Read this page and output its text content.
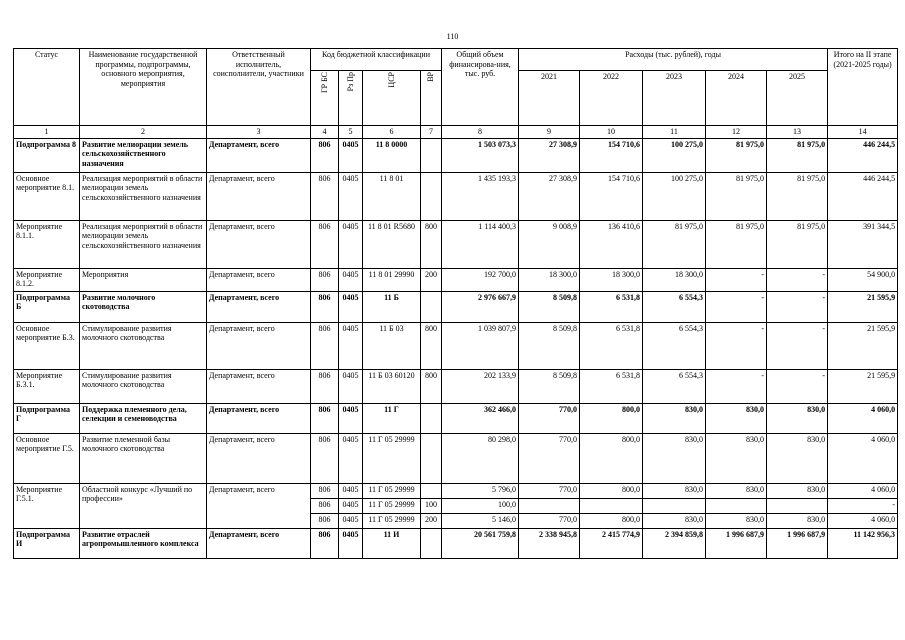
110
Статус	Наименование государственной программы, подпрограммы, основного мероприятия, мероприятия	Ответственный исполнитель, соисполнители, участники	Код бюджетной классификации				Общий объем финансирова-ния, тыс. руб.	Расходы (тыс. рублей), годы					Итого на II этапе (2021-2025 годы)
			ГР БС	Рз Пр	ЦСР	ВР		2021	2022	2023	2024	2025	
1	2	3	4	5	6	7	8	9	10	11	12	13	14
Подпрограмма 8	Развитие мелиорации земель сельскохозяйственного назначения	Департамент, всего	806	0405	11 8 0000		1 503 073,3	27 308,9	154 710,6	100 275,0	81 975,0	81 975,0	446 244,5
Основное мероприятие 8.1.	Реализация мероприятий в области мелиорации земель сельскохозяйственного назначения	Департамент, всего	806	0405	11 8 01		1 435 193,3	27 308,9	154 710,6	100 275,0	81 975,0	81 975,0	446 244,5
Мероприятие 8.1.1.	Реализация мероприятий в области мелиорации земель сельскохозяйственного назначения	Департамент, всего	806	0405	11 8 01 R5680	800	1 114 400,3	9 008,9	136 410,6	81 975,0	81 975,0	81 975,0	391 344,5
Мероприятие 8.1.2.	Мероприятия	Департамент, всего	806	0405	11 8 01 29990	200	192 700,0	18 300,0	18 300,0	18 300,0	-	-	54 900,0
Подпрограмма Б	Развитие молочного скотоводства	Департамент, всего	806	0405	11 Б		2 976 667,9	8 509,8	6 531,8	6 554,3	-	-	21 595,9
Основное мероприятие Б.3.	Стимулирование развития молочного скотоводства	Департамент, всего	806	0405	11 Б 03	800	1 039 807,9	8 509,8	6 531,8	6 554,3	-	-	21 595,9
Мероприятие Б.3.1.	Стимулирование развития молочного скотоводства	Департамент, всего	806	0405	11 Б 03 60120	800	202 133,9	8 509,8	6 531,8	6 554,3	-	-	21 595,9
Подпрограмма Г	Поддержка племенного дела, селекции и семеноводства	Департамент, всего	806	0405	11 Г		362 466,0	770,0	800,0	830,0	830,0	830,0	4 060,0
Основное мероприятие Г.5.	Развитие племенной базы молочного скотоводства	Департамент, всего	806	0405	11 Г 05 29999		80 298,0	770,0	800,0	830,0	830,0	830,0	4 060,0
Мероприятие Г.5.1.	Областной конкурс «Лучший по профессии»	Департамент, всего	806	0405	11 Г 05 29999		5 796,0	770,0	800,0	830,0	830,0	830,0	4 060,0
			806	0405	11 Г 05 29999	100	100,0						-
			806	0405	11 Г 05 29999	200	5 146,0	770,0	800,0	830,0	830,0	830,0	4 060,0
Подпрограмма И	Развитие отраслей агропромышленного комплекса	Департамент, всего	806	0405	11 И		20 561 759,8	2 338 945,8	2 415 774,9	2 394 859,8	1 996 687,9	1 996 687,9	11 142 956,3
